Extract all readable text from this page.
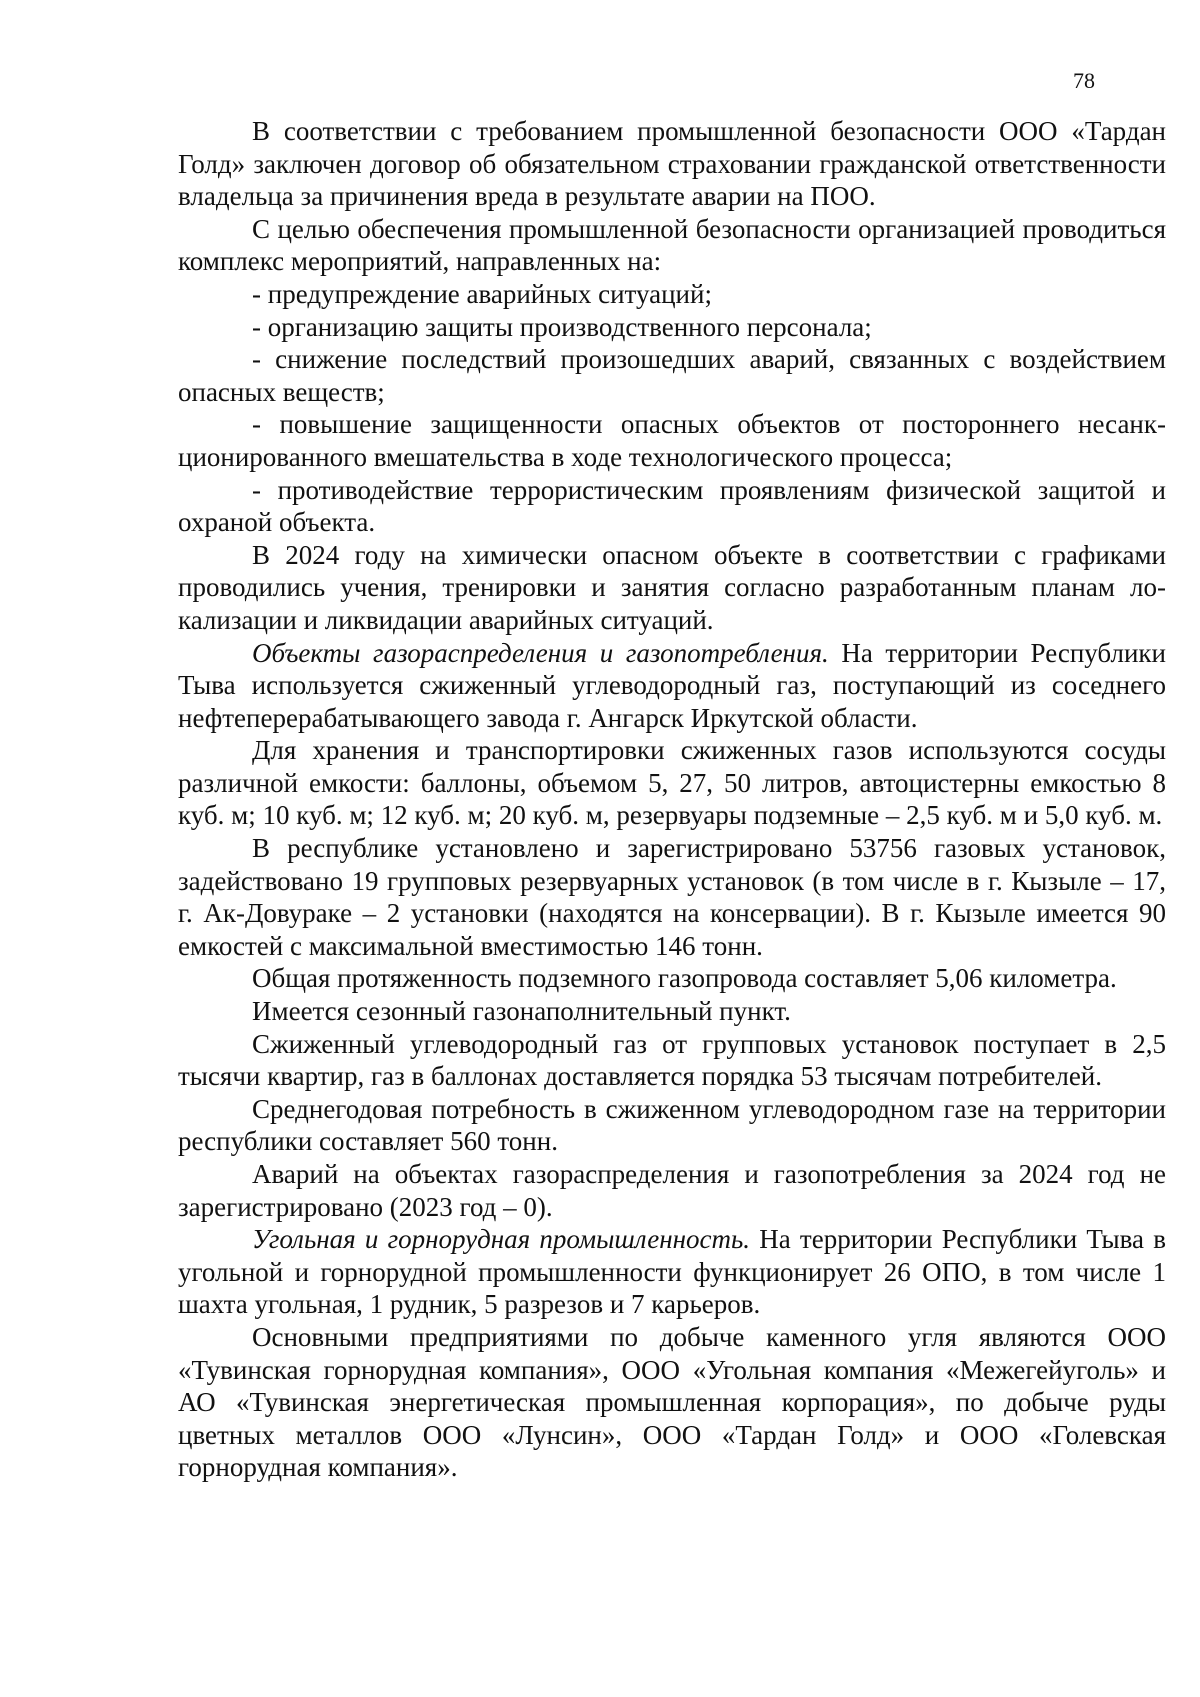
78

В соответствии с требованием промышленной безопасности ООО «Тардан Голд» заключен договор об обязательном страховании гражданской ответственности владельца за причинения вреда в результате аварии на ПОО.

С целью обеспечения промышленной безопасности организацией проводиться комплекс мероприятий, направленных на:

- предупреждение аварийных ситуаций;

- организацию защиты производственного персонала;

- снижение последствий произошедших аварий, связанных с воздействием опасных веществ;

- повышение защищенности опасных объектов от постороннего несанкционированного вмешательства в ходе технологического процесса;

- противодействие террористическим проявлениям физической защитой и охраной объекта.

В 2024 году на химически опасном объекте в соответствии с графиками проводились учения, тренировки и занятия согласно разработанным планам локализации и ликвидации аварийных ситуаций.

Объекты газораспределения и газопотребления. На территории Республики Тыва используется сжиженный углеводородный газ, поступающий из соседнего нефтеперерабатывающего завода г. Ангарск Иркутской области.

Для хранения и транспортировки сжиженных газов используются сосуды различной емкости: баллоны, объемом 5, 27, 50 литров, автоцистерны емкостью 8 куб. м; 10 куб. м; 12 куб. м; 20 куб. м, резервуары подземные – 2,5 куб. м и 5,0 куб. м.

В республике установлено и зарегистрировано 53756 газовых установок, задействовано 19 групповых резервуарных установок (в том числе в г. Кызыле – 17, г. Ак-Довураке – 2 установки (находятся на консервации). В г. Кызыле имеется 90 емкостей с максимальной вместимостью 146 тонн.

Общая протяженность подземного газопровода составляет 5,06 километра.

Имеется сезонный газонаполнительный пункт.

Сжиженный углеводородный газ от групповых установок поступает в 2,5 тысячи квартир, газ в баллонах доставляется порядка 53 тысячам потребителей.

Среднегодовая потребность в сжиженном углеводородном газе на территории республики составляет 560 тонн.

Аварий на объектах газораспределения и газопотребления за 2024 год не зарегистрировано (2023 год – 0).

Угольная и горнорудная промышленность. На территории Республики Тыва в угольной и горнорудной промышленности функционирует 26 ОПО, в том числе 1 шахта угольная, 1 рудник, 5 разрезов и 7 карьеров.

Основными предприятиями по добыче каменного угля являются ООО «Тувинская горнорудная компания», ООО «Угольная компания «Межегейуголь» и АО «Тувинская энергетическая промышленная корпорация», по добыче руды цветных металлов ООО «Лунсин», ООО «Тардан Голд» и ООО «Голевская горнорудная компания».
